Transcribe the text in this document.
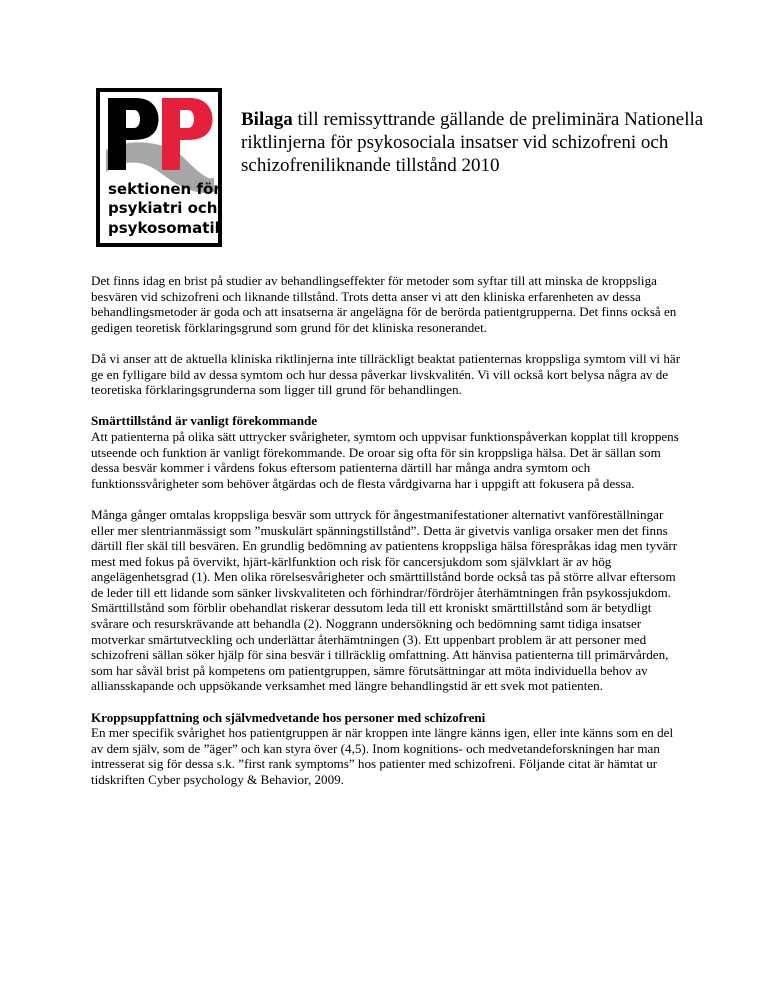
sektionen för
psykiatri och
psykosomatik
Bilaga till remissyttrande gällande de preliminära Nationella riktlinjerna för psykosociala insatser vid schizofreni och schizofreniliknande tillstånd 2010

Det finns idag en brist på studier av behandlingseffekter för metoder som syftar till att minska de kroppsliga besvären vid schizofreni och liknande tillstånd. Trots detta anser vi att den kliniska erfarenheten av dessa behandlingsmetoder är goda och att insatserna är angelägna för de berörda patientgrupperna. Det finns också en gedigen teoretisk förklaringsgrund som grund för det kliniska resonerandet.

Då vi anser att de aktuella kliniska riktlinjerna inte tillräckligt beaktat patienternas kroppsliga symtom vill vi här ge en fylligare bild av dessa symtom och hur dessa påverkar livskvalitén. Vi vill också kort belysa några av de teoretiska förklaringsgrunderna som ligger till grund för behandlingen.

Smärttillstånd är vanligt förekommande

Att patienterna på olika sätt uttrycker svårigheter, symtom och uppvisar funktionspåverkan kopplat till kroppens utseende och funktion är vanligt förekommande. De oroar sig ofta för sin kroppsliga hälsa. Det är sällan som dessa besvär kommer i vårdens fokus eftersom patienterna därtill har många andra symtom och funktionssvårigheter som behöver åtgärdas och de flesta vårdgivarna har i uppgift att fokusera på dessa.

Många gånger omtalas kroppsliga besvär som uttryck för ångestmanifestationer alternativt vanföreställningar eller mer slentrianmässigt som ”muskulärt spänningstillstånd”. Detta är givetvis vanliga orsaker men det finns därtill fler skäl till besvären. En grundlig bedömning av patientens kroppsliga hälsa förespråkas idag men tyvärr mest med fokus på övervikt, hjärt-kärlfunktion och risk för cancersjukdom som självklart är av hög angelägenhetsgrad (1). Men olika rörelsesvårigheter och smärttillstånd borde också tas på större allvar eftersom de leder till ett lidande som sänker livskvaliteten och förhindrar/fördröjer återhämtningen från psykossjukdom. Smärttillstånd som förblir obehandlat riskerar dessutom leda till ett kroniskt smärttillstånd som är betydligt svårare och resurskrävande att behandla (2). Noggrann undersökning och bedömning samt tidiga insatser motverkar smärtutveckling och underlättar återhämtningen (3). Ett uppenbart problem är att personer med schizofreni sällan söker hjälp för sina besvär i tillräcklig omfattning. Att hänvisa patienterna till primärvården, som har såväl brist på kompetens om patientgruppen, sämre förutsättningar att möta individuella behov av alliansskapande och uppsökande verksamhet med längre behandlingstid är ett svek mot patienten.

Kroppsuppfattning och självmedvetande hos personer med schizofreni

En mer specifik svårighet hos patientgruppen är när kroppen inte längre känns igen, eller inte känns som en del av dem själv, som de ”äger” och kan styra över (4,5). Inom kognitions- och medvetandeforskningen har man intresserat sig för dessa s.k. ”first rank symptoms” hos patienter med schizofreni. Följande citat är hämtat ur tidskriften Cyber psychology & Behavior, 2009.
